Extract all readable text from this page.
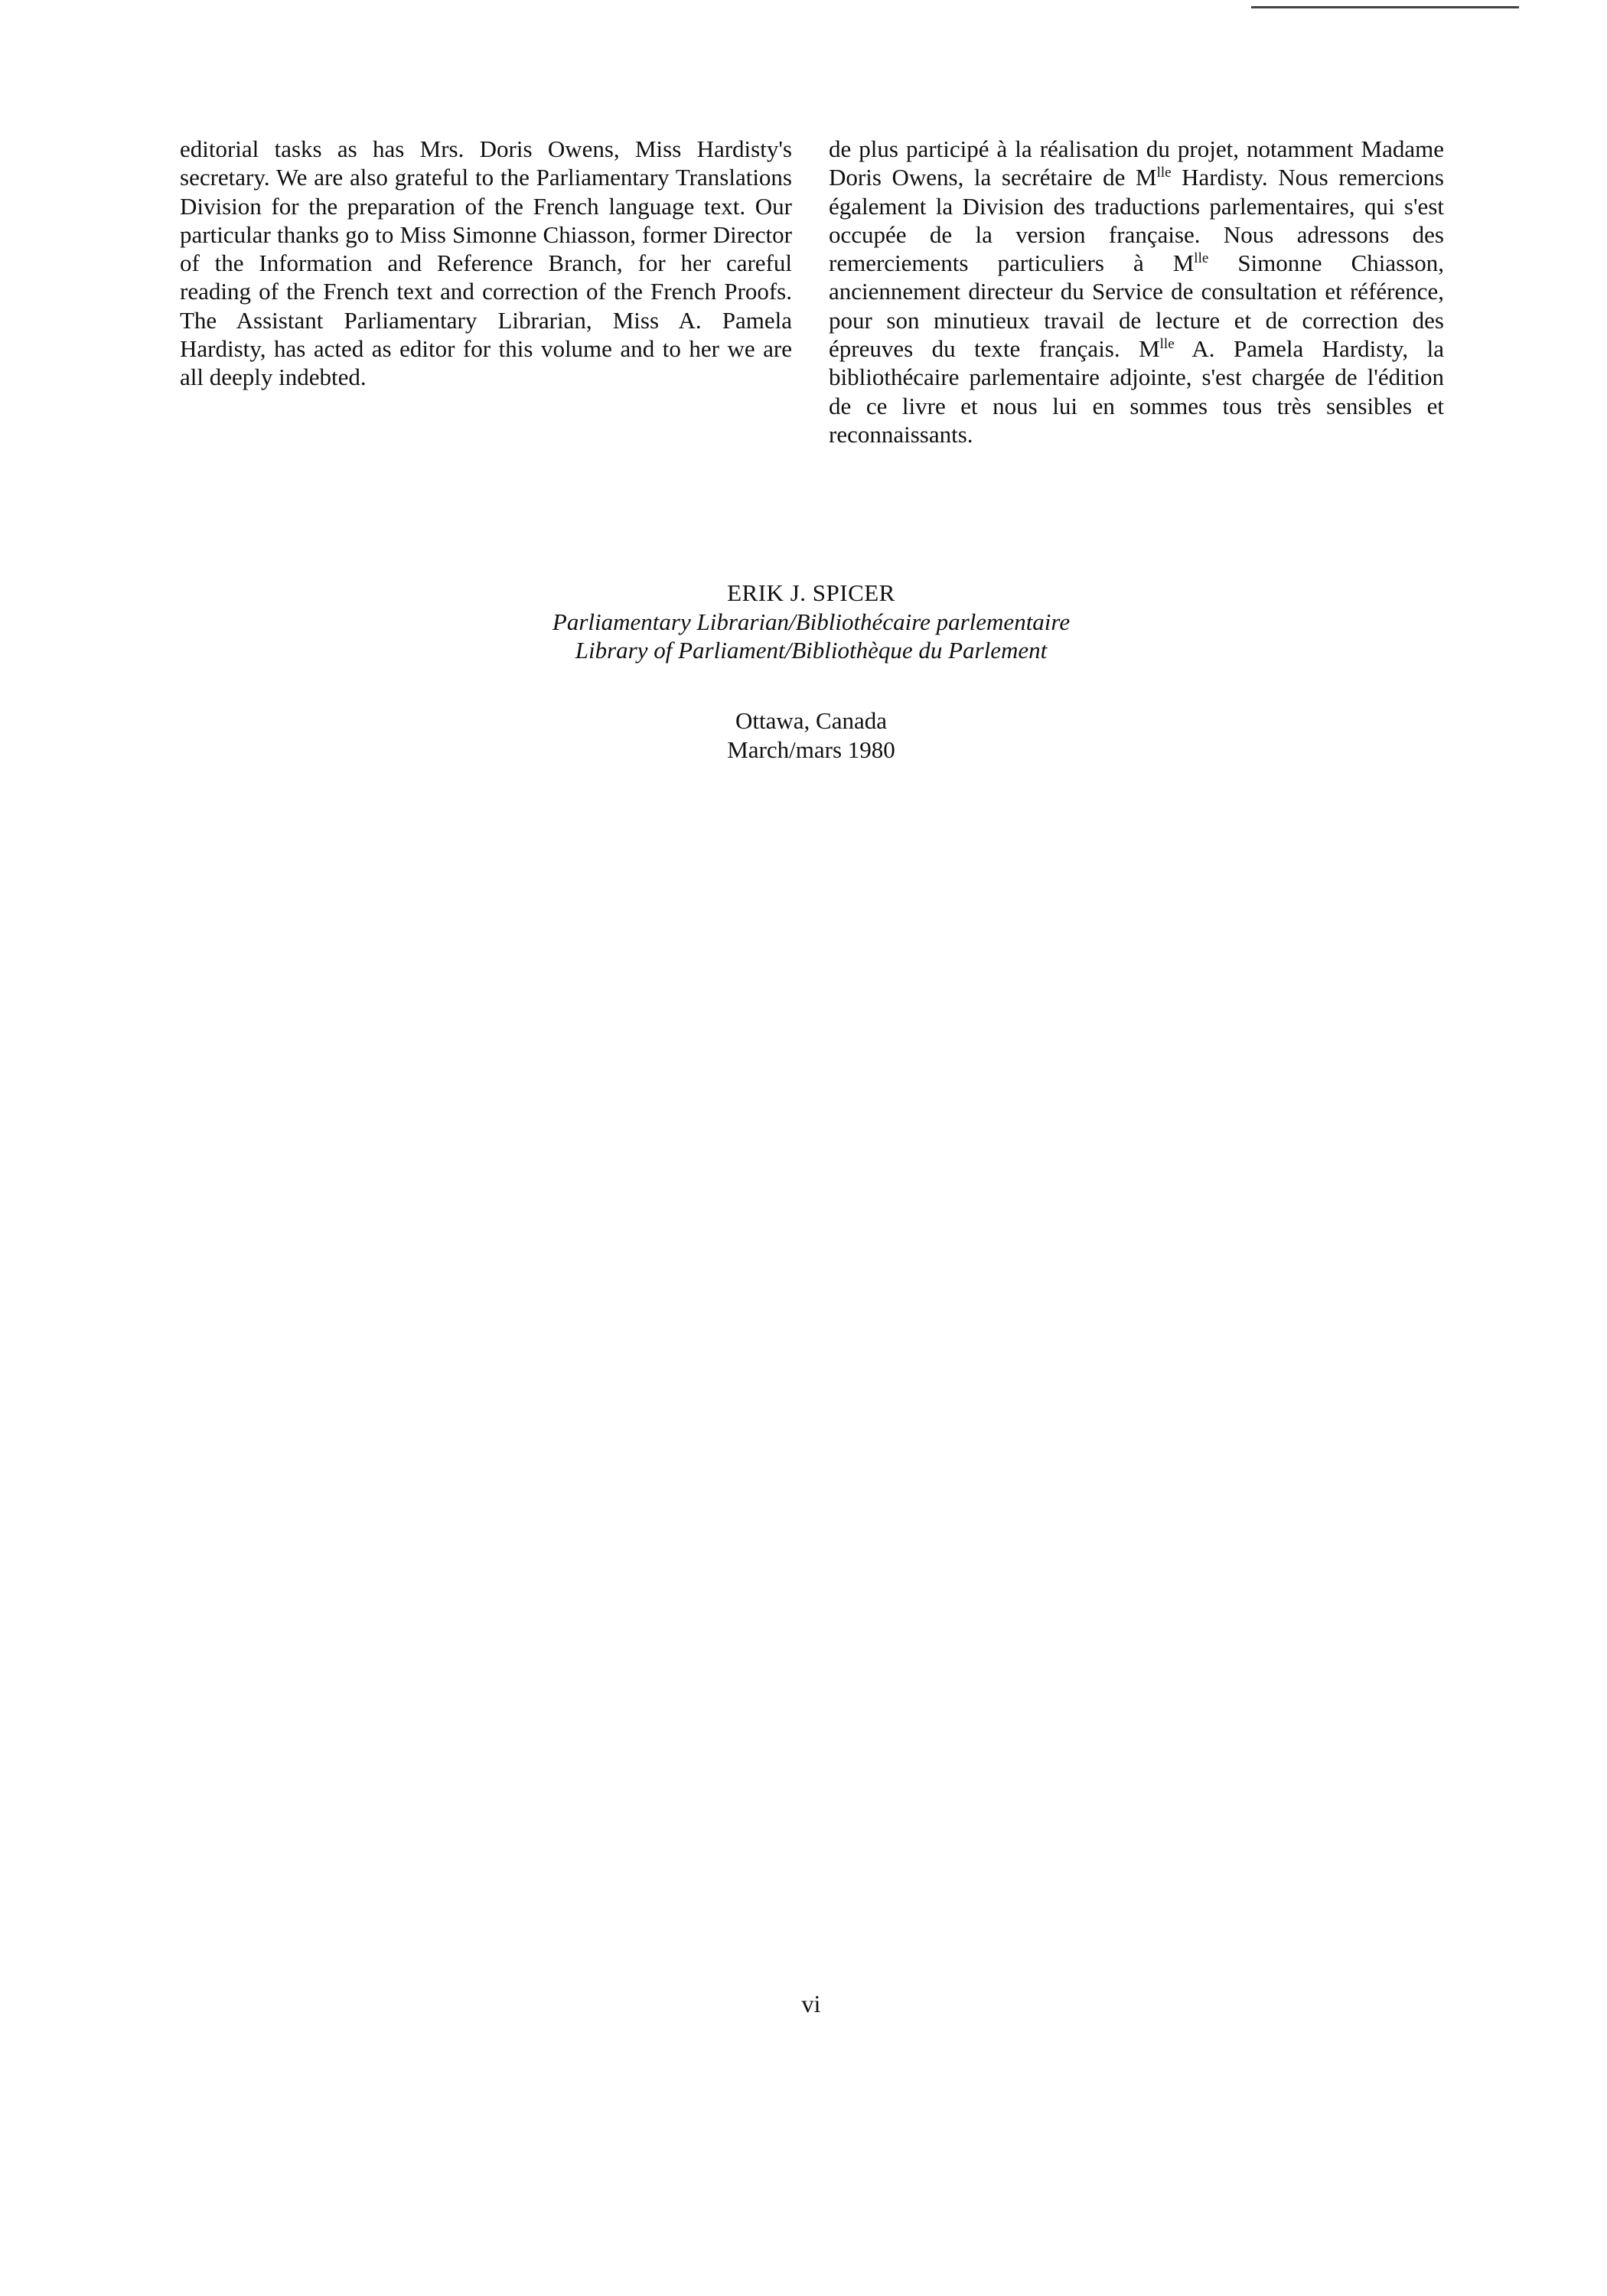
editorial tasks as has Mrs. Doris Owens, Miss Hardisty's secretary. We are also grateful to the Parliamentary Translations Division for the preparation of the French language text. Our particular thanks go to Miss Simonne Chiasson, former Director of the Information and Reference Branch, for her careful reading of the French text and correction of the French Proofs. The Assistant Parliamentary Librarian, Miss A. Pamela Hardisty, has acted as editor for this volume and to her we are all deeply indebted.

de plus participé à la réalisation du projet, notamment Madame Doris Owens, la secrétaire de $M^{lle}$ Hardisty. Nous remercions également la Division des traductions parlementaires, qui s'est occupée de la version française. Nous adressons des remerciements particuliers à $M^{lle}$ Simonne Chiasson, anciennement directeur du Service de consultation et référence, pour son minutieux travail de lecture et de correction des épreuves du texte français. $M^{lle}$ A. Pamela Hardisty, la bibliothécaire parlementaire adjointe, s'est chargée de l'édition de ce livre et nous lui en sommes tous très sensibles et reconnaissants.

ERIK J. SPICER
Parliamentary Librarian/Bibliothécaire parlementaire
Library of Parliament/Bibliothèque du Parlement
Ottawa, Canada
March/mars 1980
vi
